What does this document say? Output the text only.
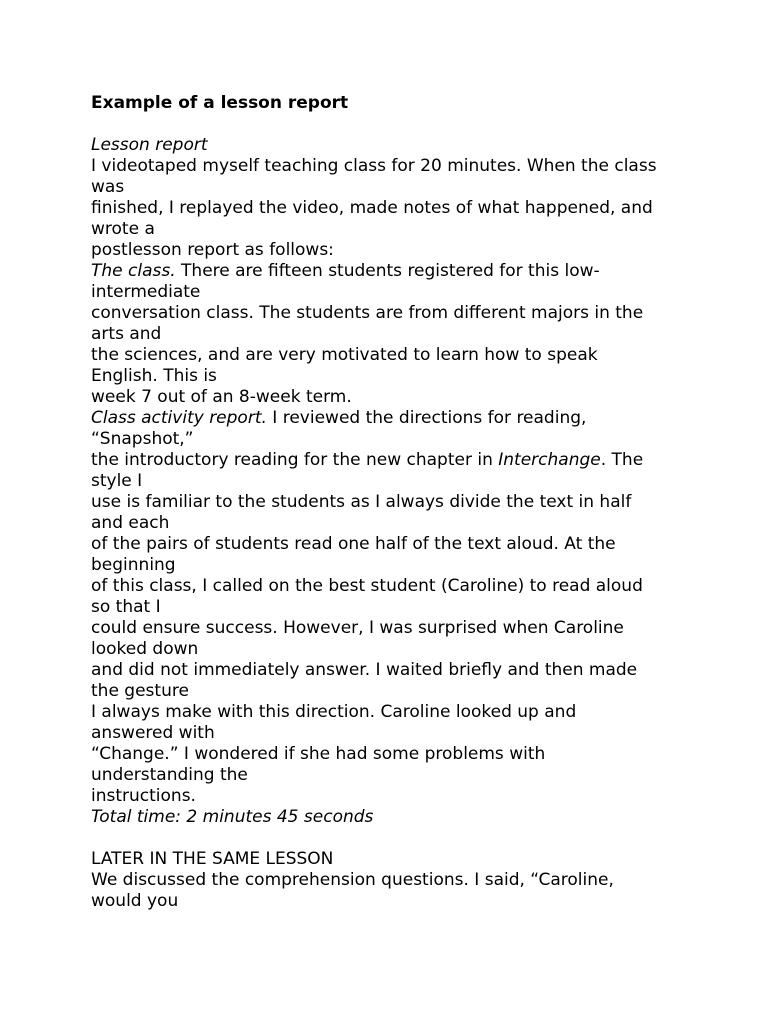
Example of a lesson report
Lesson report
I videotaped myself teaching class for 20 minutes. When the class
was
finished, I replayed the video, made notes of what happened, and
wrote a
postlesson report as follows:
The class. There are fifteen students registered for this low-
intermediate
conversation class. The students are from different majors in the
arts and
the sciences, and are very motivated to learn how to speak
English. This is
week 7 out of an 8-week term.
Class activity report. I reviewed the directions for reading,
“Snapshot,”
the introductory reading for the new chapter in Interchange. The
style I
use is familiar to the students as I always divide the text in half
and each
of the pairs of students read one half of the text aloud. At the
beginning
of this class, I called on the best student (Caroline) to read aloud
so that I
could ensure success. However, I was surprised when Caroline
looked down
and did not immediately answer. I waited briefly and then made
the gesture
I always make with this direction. Caroline looked up and
answered with
“Change.” I wondered if she had some problems with
understanding the
instructions.
Total time: 2 minutes 45 seconds
LATER IN THE SAME LESSON
We discussed the comprehension questions. I said, “Caroline,
would you
